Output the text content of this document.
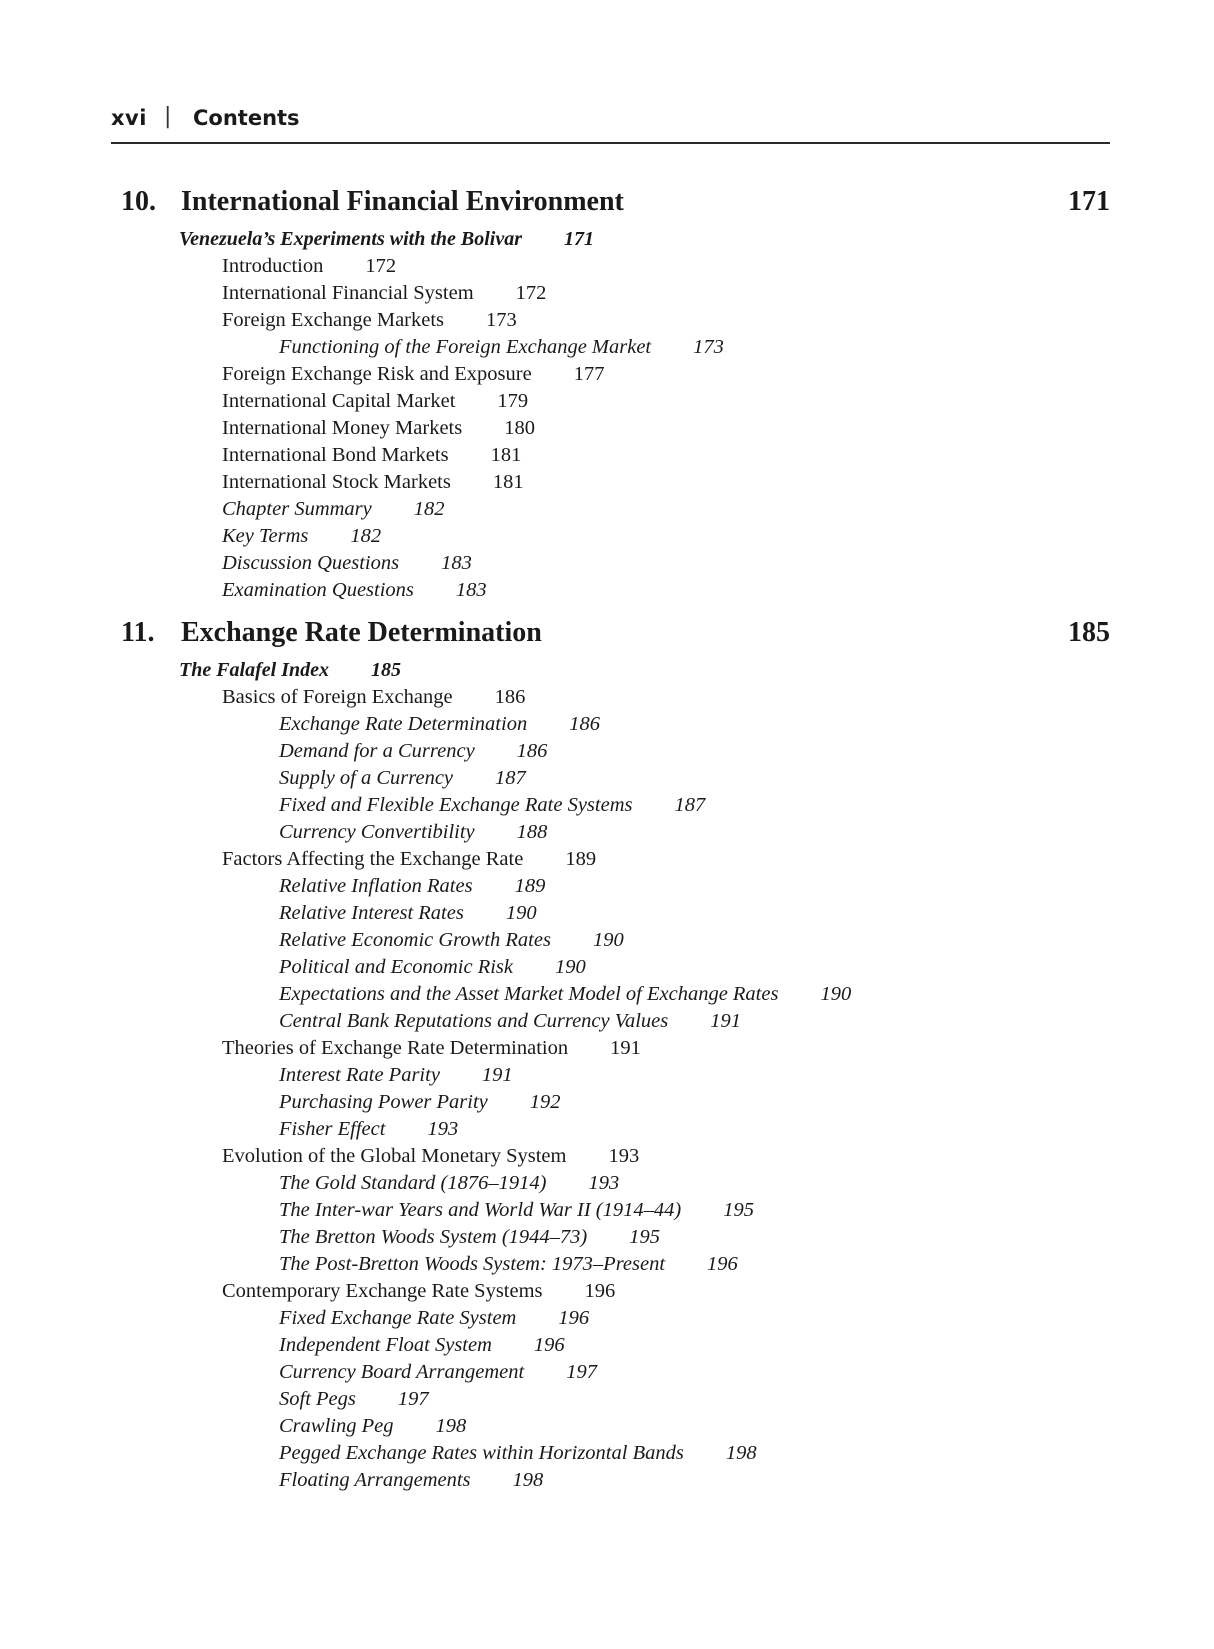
xvi | Contents
10. International Financial Environment	171
Venezuela’s Experiments with the Bolivar 171
Introduction 172
International Financial System 172
Foreign Exchange Markets 173
Functioning of the Foreign Exchange Market 173
Foreign Exchange Risk and Exposure 177
International Capital Market 179
International Money Markets 180
International Bond Markets 181
International Stock Markets 181
Chapter Summary 182
Key Terms 182
Discussion Questions 183
Examination Questions 183
11. Exchange Rate Determination	185
The Falafel Index 185
Basics of Foreign Exchange 186
Exchange Rate Determination 186
Demand for a Currency 186
Supply of a Currency 187
Fixed and Flexible Exchange Rate Systems 187
Currency Convertibility 188
Factors Affecting the Exchange Rate 189
Relative Inflation Rates 189
Relative Interest Rates 190
Relative Economic Growth Rates 190
Political and Economic Risk 190
Expectations and the Asset Market Model of Exchange Rates 190
Central Bank Reputations and Currency Values 191
Theories of Exchange Rate Determination 191
Interest Rate Parity 191
Purchasing Power Parity 192
Fisher Effect 193
Evolution of the Global Monetary System 193
The Gold Standard (1876–1914) 193
The Inter-war Years and World War II (1914–44) 195
The Bretton Woods System (1944–73) 195
The Post-Bretton Woods System: 1973–Present 196
Contemporary Exchange Rate Systems 196
Fixed Exchange Rate System 196
Independent Float System 196
Currency Board Arrangement 197
Soft Pegs 197
Crawling Peg 198
Pegged Exchange Rates within Horizontal Bands 198
Floating Arrangements 198
